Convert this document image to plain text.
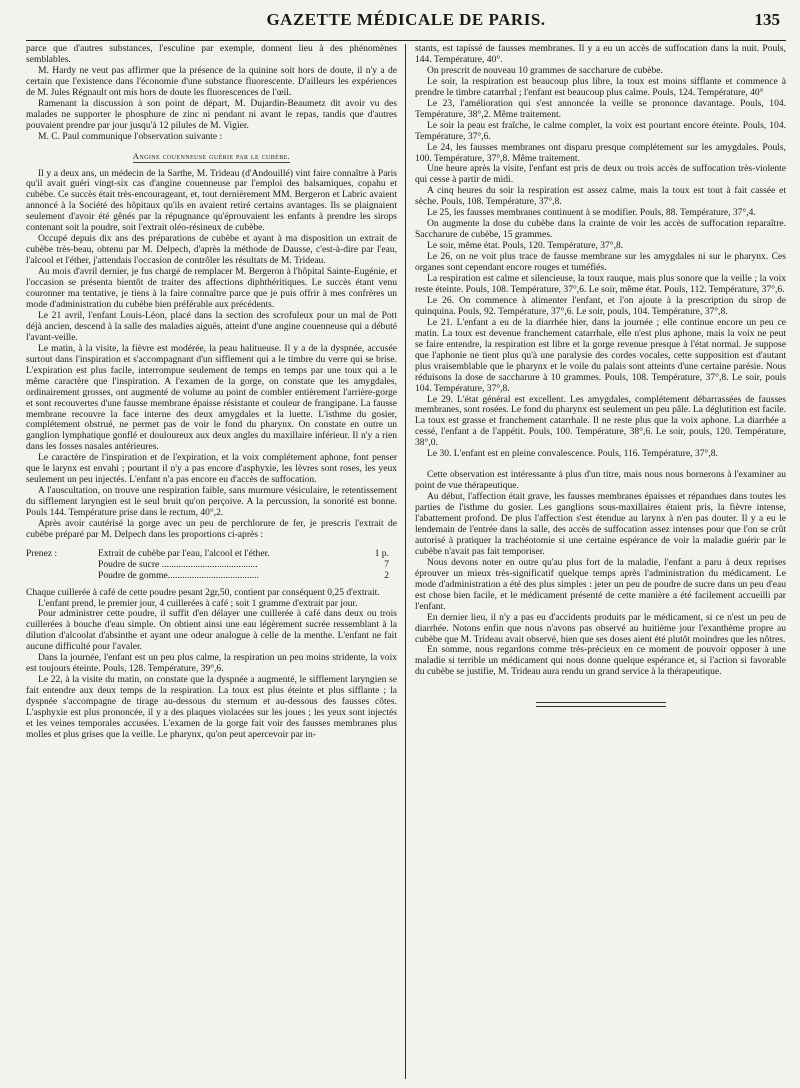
GAZETTE MÉDICALE DE PARIS.	135

parce que d'autres substances, l'esculine par exemple, donnent lieu à des phénomènes semblables.

M. Hardy ne veut pas affirmer que la présence de la quinine soit hors de doute, il n'y a de certain que l'existence dans l'économie d'une substance fluorescente. D'ailleurs les expériences de M. Jules Régnault ont mis hors de doute les fluorescences de l'œil.

Ramenant la discussion à son point de départ, M. Dujardin-Beaumetz dit avoir vu des malades ne supporter le phosphure de zinc ni pendant ni avant le repas, tandis que d'autres pouvaient prendre par jour jusqu'à 12 pilules de M. Vigier.

M. C. Paul communique l'observation suivante :

Angine couenneuse guérie par le cubèbe.

Il y a deux ans, un médecin de la Sarthe, M. Trideau (d'Andouillé) vint faire connaître à Paris qu'il avait guéri vingt-six cas d'angine couenneuse par l'emploi des balsamiques, copahu et cubèbe. Ce succès était très-encourageant, et, tout dernièrement MM. Bergeron et Labric avaient annoncé à la Société des hôpitaux qu'ils en avaient retiré certains avantages. Ils se plaignaient seulement d'avoir été gênés par la répugnance qu'éprouvaient les enfants à prendre les sirops contenant soit la poudre, soit l'extrait oléo-résineux de cubèbe.

Occupé depuis dix ans des préparations de cubèbe et ayant à ma disposition un extrait de cubèbe très-beau, obtenu par M. Delpech, d'après la méthode de Dausse, c'est-à-dire par l'eau, l'alcool et l'éther, j'attendais l'occasion de contrôler les résultats de M. Trideau.

Au mois d'avril dernier, je fus chargé de remplacer M. Bergeron à l'hôpital Sainte-Eugénie, et l'occasion se présenta bientôt de traiter des affections diphthéritiques. Le succès étant venu couronner ma tentative, je tiens à la faire connaître parce que je puis offrir à mes confrères un mode d'administration du cubèbe bien préférable aux précédents.

Le 21 avril, l'enfant Louis-Léon, placé dans la section des scrofuleux pour un mal de Pott déjà ancien, descend à la salle des maladies aiguës, atteint d'une angine couenneuse qui a débuté l'avant-veille.

Le matin, à la visite, la fièvre est modérée, la peau halitueuse. Il y a de la dyspnée, accusée surtout dans l'inspiration et s'accompagnant d'un sifflement qui a le timbre du verre qui se brise. L'expiration est plus facile, interrompue seulement de temps en temps par une toux qui a le même caractère que l'inspiration. A l'examen de la gorge, on constate que les amygdales, ordinairement grosses, ont augmenté de volume au point de combler entièrement l'arrière-gorge et sont recouvertes d'une fausse membrane épaisse résistante et couleur de frangipane. La fausse membrane recouvre la face interne des deux amygdales et la luette. L'isthme du gosier, complétement obstrué, ne permet pas de voir le fond du pharynx. On constate en outre un ganglion lymphatique gonflé et douloureux aux deux angles du maxillaire inférieur. Il n'y a rien dans les fosses nasales antérieures.

Le caractère de l'inspiration et de l'expiration, et la voix complétement aphone, font penser que le larynx est envahi ; pourtant il n'y a pas encore d'asphyxie, les lèvres sont roses, les yeux seulement un peu injectés. L'enfant n'a pas encore eu d'accès de suffocation.

A l'auscultation, on trouve une respiration faible, sans murmure vésiculaire, le retentissement du sifflement laryngien est le seul bruit qu'on perçoive. A la percussion, la sonorité est bonne. Pouls 144. Température prise dans le rectum, 40°,2.

Après avoir cautérisé la gorge avec un peu de perchlorure de fer, je prescris l'extrait de cubèbe préparé par M. Delpech dans les proportions ci-après :

Prenez :	Extrait de cubèbe par l'eau, l'alcool et l'éther.	1 p.
Poudre de sucre ........................................	7
Poudre de gomme......................................	2

Chaque cuillerée à café de cette poudre pesant 2gr,50, contient par conséquent 0,25 d'extrait.

L'enfant prend, le premier jour, 4 cuillerées à café ; soit 1 gramme d'extrait par jour.

Pour administrer cette poudre, il suffit d'en délayer une cuillerée à café dans deux ou trois cuillerées à bouche d'eau simple. On obtient ainsi une eau légèrement sucrée ressemblant à la dilution d'alcoolat d'absinthe et ayant une odeur analogue à celle de la menthe. L'enfant ne fait aucune difficulté pour l'avaler.

Dans la journée, l'enfant est un peu plus calme, la respiration un peu moins stridente, la voix est toujours éteinte. Pouls, 128. Température, 39°,6.

Le 22, à la visite du matin, on constate que la dyspnée a augmenté, le sifflement laryngien se fait entendre aux deux temps de la respiration. La toux est plus éteinte et plus sifflante ; la dyspnée s'accompagne de tirage au-dessous du sternum et au-dessous des fausses côtes. L'asphyxie est plus prononcée, il y a des plaques violacées sur les joues ; les yeux sont injectés et les veines temporales accusées. L'examen de la gorge fait voir des fausses membranes plus molles et plus grises que la veille. Le pharynx, qu'on peut apercevoir par in-

stants, est tapissé de fausses membranes. Il y a eu un accès de suffocation dans la nuit. Pouls, 144. Température, 40°.

On prescrit de nouveau 10 grammes de saccharure de cubèbe.

Le soir, la respiration est beaucoup plus libre, la toux est moins sifflante et commence à prendre le timbre catarrhal ; l'enfant est beaucoup plus calme. Pouls, 124. Température, 40°

Le 23, l'amélioration qui s'est annoncée la veille se prononce davantage. Pouls, 104. Température, 38°,2. Même traitement.

Le soir la peau est fraîche, le calme complet, la voix est pourtant encore éteinte. Pouls, 104. Température, 37°,6.

Le 24, les fausses membranes ont disparu presque complétement sur les amygdales. Pouls, 100. Température, 37°,8. Même traitement.

Une heure après la visite, l'enfant est pris de deux ou trois accès de suffocation très-violente qui cesse à partir de midi.

A cinq heures du soir la respiration est assez calme, mais la toux est tout à fait cassée et sèche. Pouls, 108. Température, 37°,8.

Le 25, les fausses membranes continuent à se modifier. Pouls, 88. Température, 37°,4.

On augmente la dose du cubèbe dans la crainte de voir les accès de suffocation reparaître. Saccharure de cubèbe, 15 grammes.

Le soir, même état. Pouls, 120. Température, 37°,8.

Le 26, on ne voit plus trace de fausse membrane sur les amygdales ni sur le pharynx. Ces organes sont cependant encore rouges et tuméfiés.

La respiration est calme et silencieuse, la toux rauque, mais plus sonore que la veille ; la voix reste éteinte. Pouls, 108. Température, 37°,6. Le soir, même état. Pouls, 112. Température, 37°,6.

Le 26. On commence à alimenter l'enfant, et l'on ajoute à la prescription du sirop de quinquina. Pouls, 92. Température, 37°,6. Le soir, pouls, 104. Température, 37°,8.

Le 21. L'enfant a eu de la diarrhée hier, dans la journée ; elle continue encore un peu ce matin. La toux est devenue franchement catarrhale, elle n'est plus aphone, mais la voix ne peut se faire entendre, la respiration est libre et la gorge revenue presque à l'état normal. Je suppose que l'aphonie ne tient plus qu'à une paralysie des cordes vocales, cette supposition est d'autant plus vraisemblable que le pharynx et le voile du palais sont atteints d'une certaine parésie. Nous réduisons la dose de saccharure à 10 grammes. Pouls, 108. Température, 37°,8. Le soir, pouls 104. Température, 37°,8.

Le 29. L'état général est excellent. Les amygdales, complétement débarrassées de fausses membranes, sont rosées. Le fond du pharynx est seulement un peu pâle. La déglutition est facile. La toux est grasse et franchement catarrhale. Il ne reste plus que la voix aphone. La diarrhée a cessé, l'enfant a de l'appétit. Pouls, 100. Température, 38°,6. Le soir, pouls, 120. Température, 38°,0.

Le 30. L'enfant est en pleine convalescence. Pouls, 116. Température, 37°,8.

Cette observation est intéressante à plus d'un titre, mais nous nous bornerons à l'examiner au point de vue thérapeutique.

Au début, l'affection était grave, les fausses membranes épaisses et répandues dans toutes les parties de l'isthme du gosier. Les ganglions sous-maxillaires étaient pris, la fièvre intense, l'abattement profond. De plus l'affection s'est étendue au larynx à n'en pas douter. Il y a eu le lendemain de l'entrée dans la salle, des accès de suffocation assez intenses pour que l'on se crût autorisé à pratiquer la trachéotomie si une certaine espérance de voir la maladie guérir par le cubèbe n'avait pas fait temporiser.

Nous devons noter en outre qu'au plus fort de la maladie, l'enfant a paru à deux reprises éprouver un mieux très-significatif quelque temps après l'administration du médicament. Le mode d'administration a été des plus simples : jeter un peu de poudre de sucre dans un peu d'eau est chose bien facile, et le médicament présenté de cette manière a été facilement accueilli par l'enfant.

En dernier lieu, il n'y a pas eu d'accidents produits par le médicament, si ce n'est un peu de diarrhée. Notons enfin que nous n'avons pas observé au huitième jour l'exanthème propre au cubèbe que M. Trideau avait observé, bien que ses doses aient été plutôt moindres que les nôtres.

En somme, nous regardons comme très-précieux en ce moment de pouvoir opposer à une maladie si terrible un médicament qui nous donne quelque espérance et, si l'action si favorable du cubèbe se justifie, M. Trideau aura rendu un grand service à la thérapeutique.
